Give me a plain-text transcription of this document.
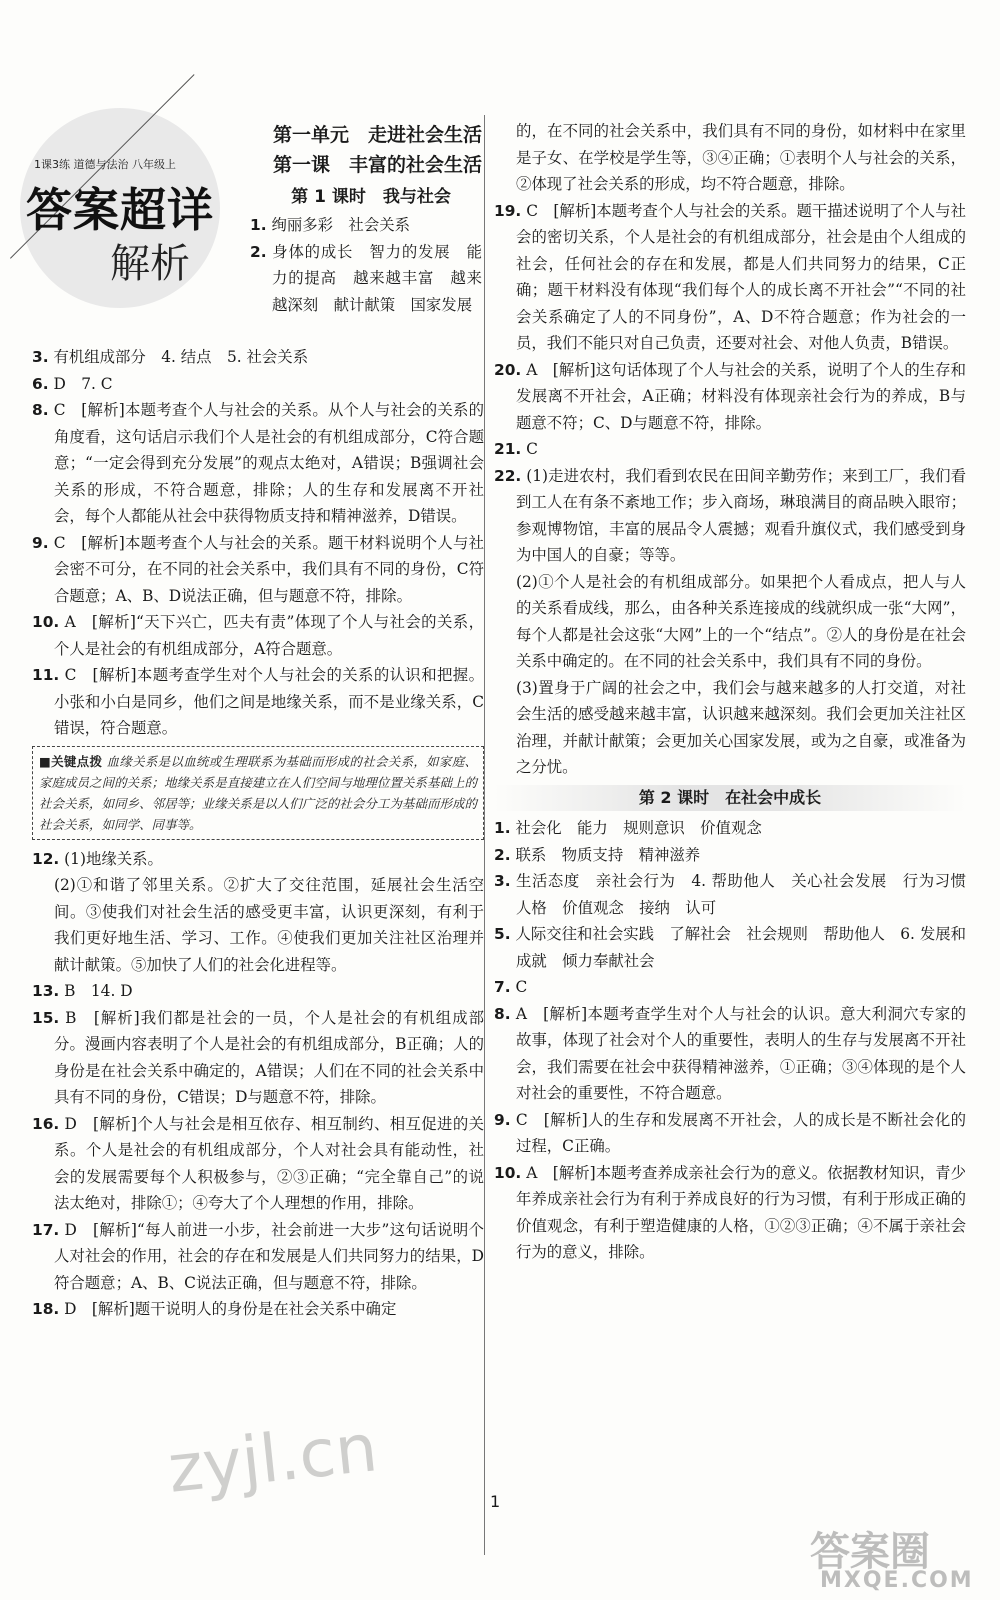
1课3练 道德与法治 八年级上
答案超详
解析
第一单元　走进社会生活
第一课　丰富的社会生活
第 1 课时　我与社会

1. 绚丽多彩　社会关系

2. 身体的成长　智力的发展　能力的提高　越来越丰富　越来越深刻　献计献策　国家发展

3. 有机组成部分　4. 结点　5. 社会关系

6. D　7. C

8. C　[解析]本题考查个人与社会的关系。从个人与社会的关系的角度看，这句话启示我们个人是社会的有机组成部分，C符合题意；“一定会得到充分发展”的观点太绝对，A错误；B强调社会关系的形成，不符合题意，排除；人的生存和发展离不开社会，每个人都能从社会中获得物质支持和精神滋养，D错误。

9. C　[解析]本题考查个人与社会的关系。题干材料说明个人与社会密不可分，在不同的社会关系中，我们具有不同的身份，C符合题意；A、B、D说法正确，但与题意不符，排除。

10. A　[解析]“天下兴亡，匹夫有责”体现了个人与社会的关系，个人是社会的有机组成部分，A符合题意。

11. C　[解析]本题考查学生对个人与社会的关系的认识和把握。小张和小白是同乡，他们之间是地缘关系，而不是业缘关系，C错误，符合题意。

■关键点拨 血缘关系是以血统或生理联系为基础而形成的社会关系，如家庭、家庭成员之间的关系；地缘关系是直接建立在人们空间与地理位置关系基础上的社会关系，如同乡、邻居等；业缘关系是以人们广泛的社会分工为基础而形成的社会关系，如同学、同事等。

12. (1)地缘关系。

(2)①和谐了邻里关系。②扩大了交往范围，延展社会生活空间。③使我们对社会生活的感受更丰富，认识更深刻，有利于我们更好地生活、学习、工作。④使我们更加关注社区治理并献计献策。⑤加快了人们的社会化进程等。

13. B　14. D

15. B　[解析]我们都是社会的一员，个人是社会的有机组成部分。漫画内容表明了个人是社会的有机组成部分，B正确；人的身份是在社会关系中确定的，A错误；人们在不同的社会关系中具有不同的身份，C错误；D与题意不符，排除。

16. D　[解析]个人与社会是相互依存、相互制约、相互促进的关系。个人是社会的有机组成部分，个人对社会具有能动性，社会的发展需要每个人积极参与，②③正确；“完全靠自己”的说法太绝对，排除①；④夸大了个人理想的作用，排除。

17. D　[解析]“每人前进一小步，社会前进一大步”这句话说明个人对社会的作用，社会的存在和发展是人们共同努力的结果，D符合题意；A、B、C说法正确，但与题意不符，排除。

18. D　[解析]题干说明人的身份是在社会关系中确定

的，在不同的社会关系中，我们具有不同的身份，如材料中在家里是子女、在学校是学生等，③④正确；①表明个人与社会的关系，②体现了社会关系的形成，均不符合题意，排除。

19. C　[解析]本题考查个人与社会的关系。题干描述说明了个人与社会的密切关系，个人是社会的有机组成部分，社会是由个人组成的社会，任何社会的存在和发展，都是人们共同努力的结果，C正确；题干材料没有体现“我们每个人的成长离不开社会”“不同的社会关系确定了人的不同身份”，A、D不符合题意；作为社会的一员，我们不能只对自己负责，还要对社会、对他人负责，B错误。

20. A　[解析]这句话体现了个人与社会的关系，说明了个人的生存和发展离不开社会，A正确；材料没有体现亲社会行为的养成，B与题意不符；C、D与题意不符，排除。

21. C

22. (1)走进农村，我们看到农民在田间辛勤劳作；来到工厂，我们看到工人在有条不紊地工作；步入商场，琳琅满目的商品映入眼帘；参观博物馆，丰富的展品令人震撼；观看升旗仪式，我们感受到身为中国人的自豪；等等。

(2)①个人是社会的有机组成部分。如果把个人看成点，把人与人的关系看成线，那么，由各种关系连接成的线就织成一张“大网”，每个人都是社会这张“大网”上的一个“结点”。②人的身份是在社会关系中确定的。在不同的社会关系中，我们具有不同的身份。

(3)置身于广阔的社会之中，我们会与越来越多的人打交道，对社会生活的感受越来越丰富，认识越来越深刻。我们会更加关注社区治理，并献计献策；会更加关心国家发展，或为之自豪，或准备为之分忧。

第 2 课时　在社会中成长

1. 社会化　能力　规则意识　价值观念

2. 联系　物质支持　精神滋养

3. 生活态度　亲社会行为　4. 帮助他人　关心社会发展　行为习惯　人格　价值观念　接纳　认可

5. 人际交往和社会实践　了解社会　社会规则　帮助他人　6. 发展和成就　倾力奉献社会

7. C

8. A　[解析]本题考查学生对个人与社会的认识。意大利洞穴专家的故事，体现了社会对个人的重要性，表明人的生存与发展离不开社会，我们需要在社会中获得精神滋养，①正确；③④体现的是个人对社会的重要性，不符合题意。

9. C　[解析]人的生存和发展离不开社会，人的成长是不断社会化的过程，C正确。

10. A　[解析]本题考查养成亲社会行为的意义。依据教材知识，青少年养成亲社会行为有利于养成良好的行为习惯，有利于形成正确的价值观念，有利于塑造健康的人格，①②③正确；④不属于亲社会行为的意义，排除。

1
zyjl.cn
答案圈
MXQE.COM
